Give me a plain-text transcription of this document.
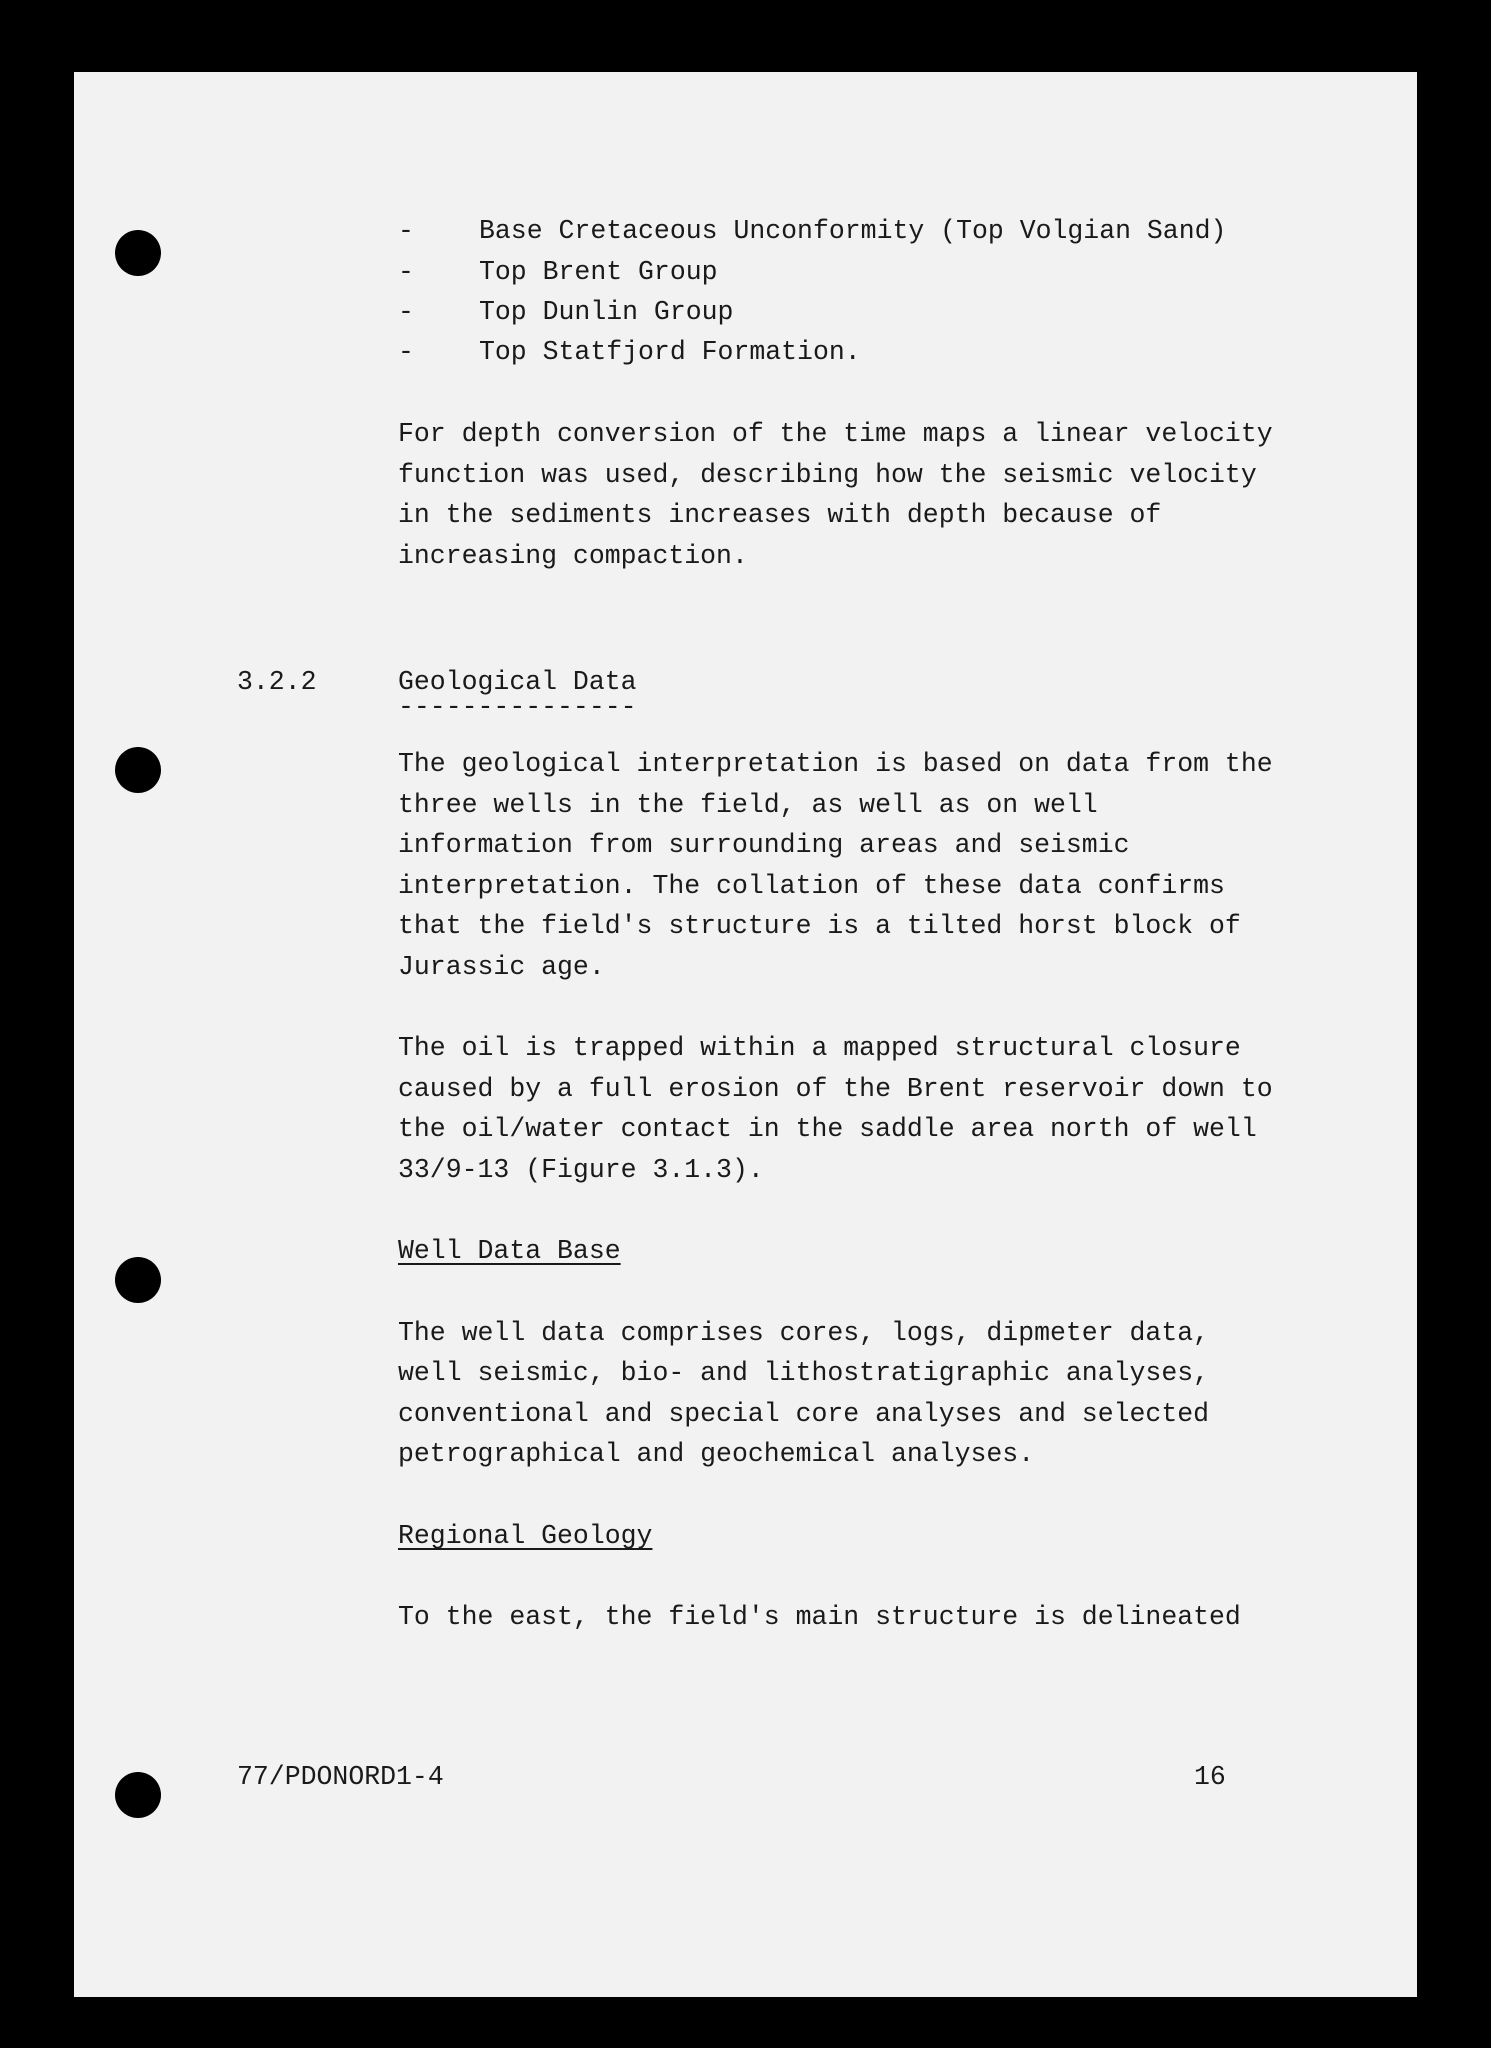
- Base Cretaceous Unconformity (Top Volgian Sand)
- Top Brent Group
- Top Dunlin Group
- Top Statfjord Formation.
For depth conversion of the time maps a linear velocity
function was used, describing how the seismic velocity
in the sediments increases with depth because of
increasing compaction.
3.2.2	Geological Data
---------------
The geological interpretation is based on data from the
three wells in the field, as well as on well
information from surrounding areas and seismic
interpretation. The collation of these data confirms
that the field's structure is a tilted horst block of
Jurassic age.
The oil is trapped within a mapped structural closure
caused by a full erosion of the Brent reservoir down to
the oil/water contact in the saddle area north of well
33/9-13 (Figure 3.1.3).
Well Data Base
The well data comprises cores, logs, dipmeter data,
well seismic, bio- and lithostratigraphic analyses,
conventional and special core analyses and selected
petrographical and geochemical analyses.
Regional Geology
To the east, the field's main structure is delineated
77/PDONORD1-4	16
